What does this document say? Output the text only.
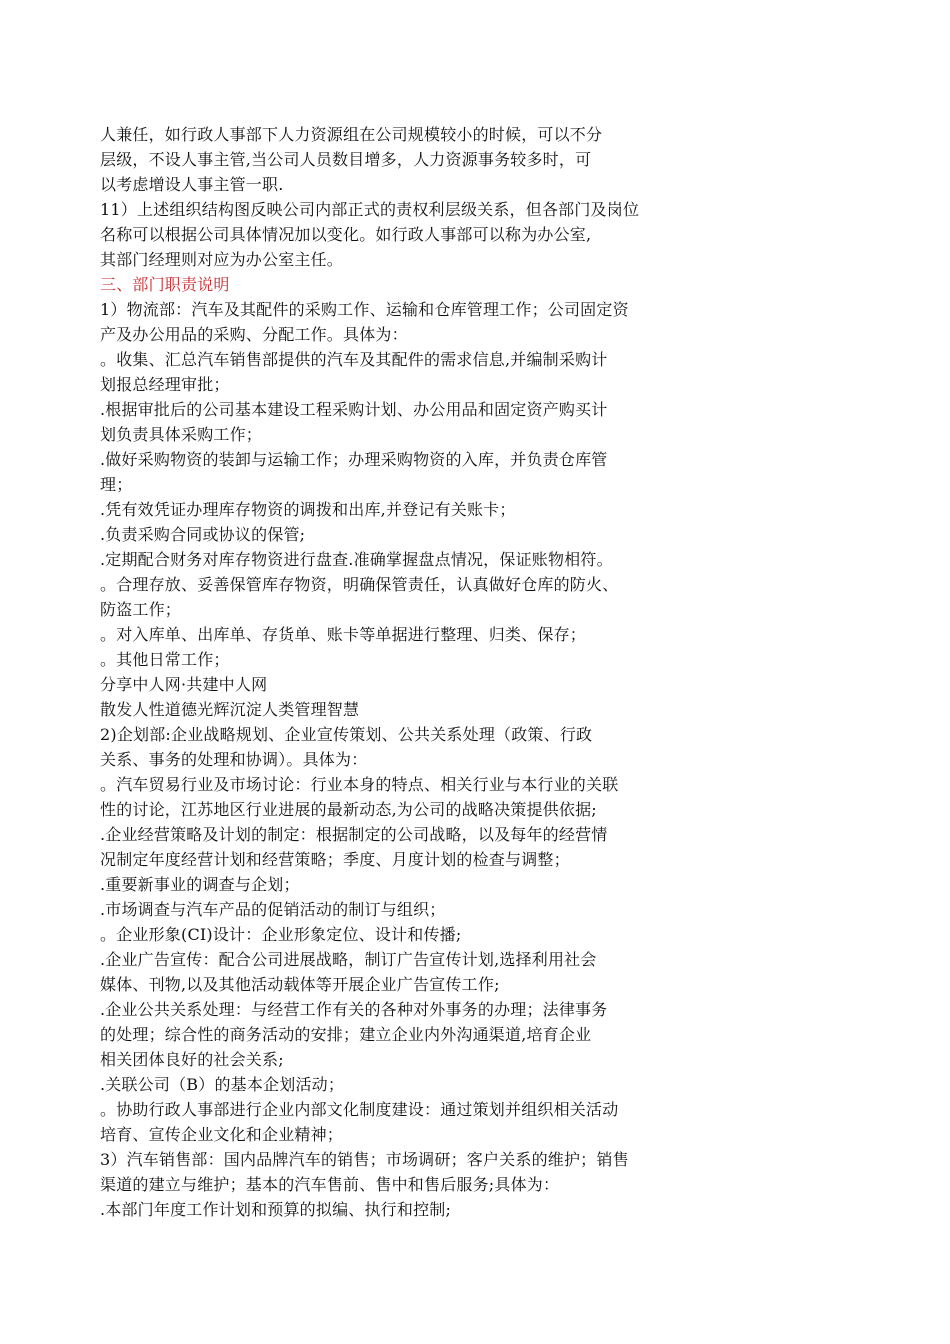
人兼任，如行政人事部下人力资源组在公司规模较小的时候，可以不分
层级，不设人事主管,当公司人员数目增多，人力资源事务较多时，可
以考虑增设人事主管一职.
11）上述组织结构图反映公司内部正式的责权利层级关系，但各部门及岗位
名称可以根据公司具体情况加以变化。如行政人事部可以称为办公室,
其部门经理则对应为办公室主任。
三、部门职责说明
1）物流部：汽车及其配件的采购工作、运输和仓库管理工作；公司固定资
产及办公用品的采购、分配工作。具体为：
。收集、汇总汽车销售部提供的汽车及其配件的需求信息,并编制采购计
划报总经理审批；
.根据审批后的公司基本建设工程采购计划、办公用品和固定资产购买计
划负责具体采购工作；
.做好采购物资的装卸与运输工作；办理采购物资的入库，并负责仓库管
理；
.凭有效凭证办理库存物资的调拨和出库,并登记有关账卡；
.负责采购合同或协议的保管;
.定期配合财务对库存物资进行盘查.准确掌握盘点情况，保证账物相符。
。合理存放、妥善保管库存物资，明确保管责任，认真做好仓库的防火、
防盗工作；
。对入库单、出库单、存货单、账卡等单据进行整理、归类、保存；
。其他日常工作；
分享中人网·共建中人网
散发人性道德光辉沉淀人类管理智慧
2)企划部:企业战略规划、企业宣传策划、公共关系处理（政策、行政
关系、事务的处理和协调）。具体为：
。汽车贸易行业及市场讨论：行业本身的特点、相关行业与本行业的关联
性的讨论，江苏地区行业进展的最新动态,为公司的战略决策提供依据;
.企业经营策略及计划的制定：根据制定的公司战略，以及每年的经营情
况制定年度经营计划和经营策略；季度、月度计划的检查与调整；
.重要新事业的调查与企划；
.市场调查与汽车产品的促销活动的制订与组织；
。企业形象(CI)设计：企业形象定位、设计和传播;
.企业广告宣传：配合公司进展战略，制订广告宣传计划,选择利用社会
媒体、刊物,以及其他活动载体等开展企业广告宣传工作;
.企业公共关系处理：与经营工作有关的各种对外事务的办理；法律事务
的处理；综合性的商务活动的安排；建立企业内外沟通渠道,培育企业
相关团体良好的社会关系;
.关联公司（B）的基本企划活动；
。协助行政人事部进行企业内部文化制度建设：通过策划并组织相关活动
培育、宣传企业文化和企业精神；
3）汽车销售部：国内品牌汽车的销售；市场调研；客户关系的维护；销售
渠道的建立与维护；基本的汽车售前、售中和售后服务;具体为：
.本部门年度工作计划和预算的拟编、执行和控制;
